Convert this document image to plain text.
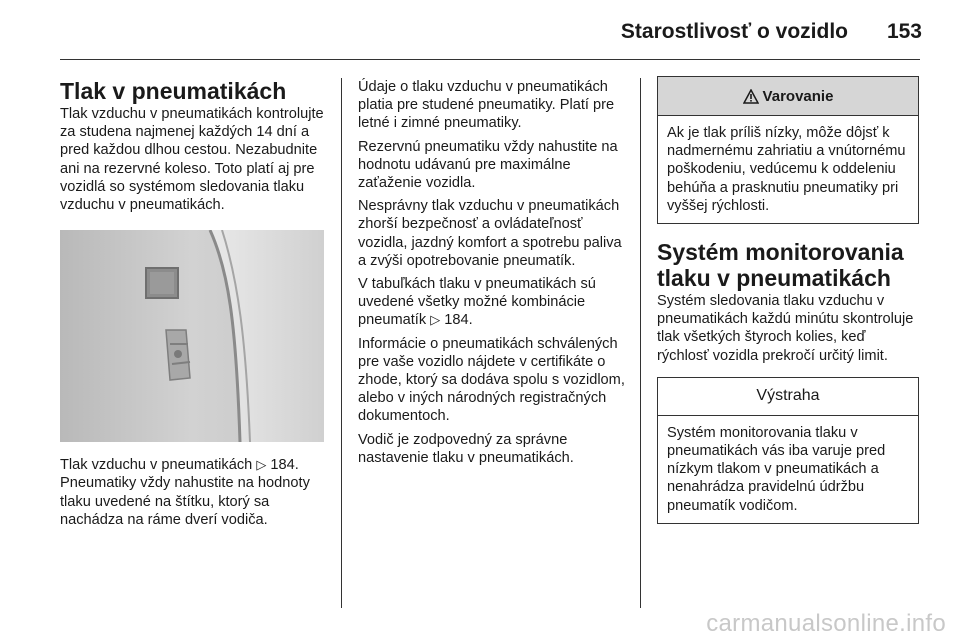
Starostlivosť o vozidlo 153
Tlak v pneumatikách

Tlak vzduchu v pneumatikách kontrolujte za studena najmenej každých 14 dní a pred každou dlhou cestou. Nezabudnite ani na rezervné koleso. Toto platí aj pre vozidlá so systémom sledovania tlaku vzduchu v pneumatikách.

Tlak vzduchu v pneumatikách ▷ 184. Pneumatiky vždy nahustite na hodnoty tlaku uvedené na štítku, ktorý sa nachádza na ráme dverí vodiča.

Údaje o tlaku vzduchu v pneumatikách platia pre studené pneumatiky. Platí pre letné i zimné pneumatiky.

Rezervnú pneumatiku vždy nahustite na hodnotu udávanú pre maximálne zaťaženie vozidla.

Nesprávny tlak vzduchu v pneumatikách zhorší bezpečnosť a ovládateľnosť vozidla, jazdný komfort a spotrebu paliva a zvýši opotrebovanie pneumatík.

V tabuľkách tlaku v pneumatikách sú uvedené všetky možné kombinácie pneumatík ▷ 184.

Informácie o pneumatikách schválených pre vaše vozidlo nájdete v certifikáte o zhode, ktorý sa dodáva spolu s vozidlom, alebo v iných národných registračných dokumentoch.

Vodič je zodpovedný za správne nastavenie tlaku v pneumatikách.

Varovanie
Ak je tlak príliš nízky, môže dôjsť k nadmernému zahriatiu a vnútornému poškodeniu, vedúcemu k oddeleniu behúňa a prasknutiu pneumatiky pri vyššej rýchlosti.
Systém monitorovania tlaku v pneumatikách

Systém sledovania tlaku vzduchu v pneumatikách každú minútu skontroluje tlak všetkých štyroch kolies, keď rýchlosť vozidla prekročí určitý limit.

Výstraha
Systém monitorovania tlaku v pneumatikách vás iba varuje pred nízkym tlakom v pneumatikách a nenahrádza pravidelnú údržbu pneumatík vodičom.
carmanualsonline.info
